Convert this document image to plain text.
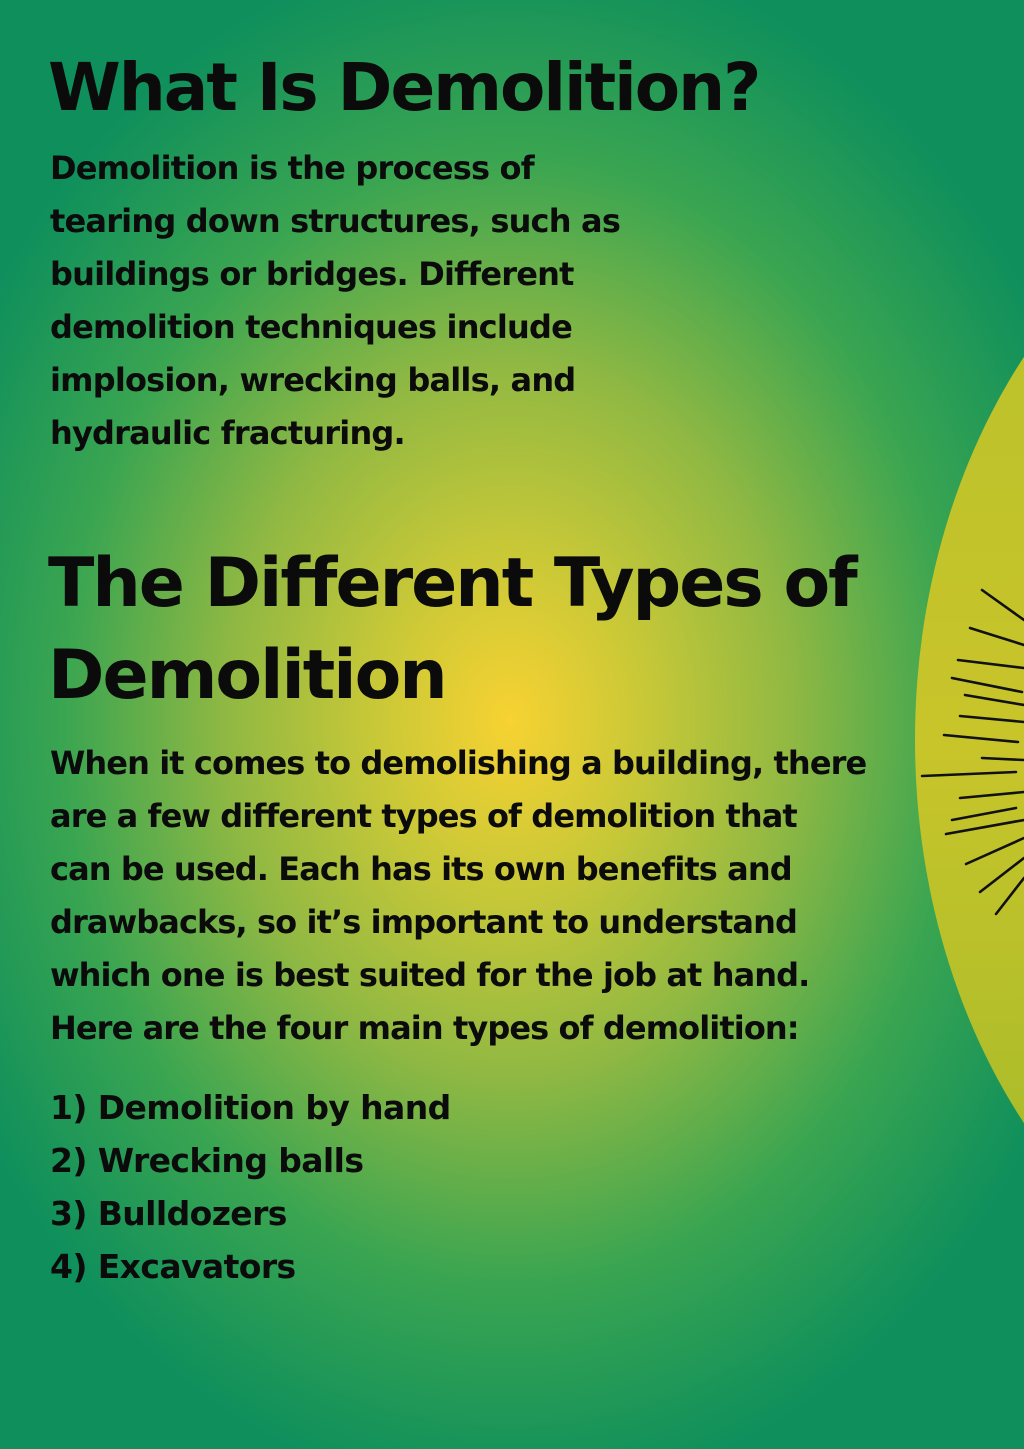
What Is Demolition?

Demolition is the process of
tearing down structures, such as
buildings or bridges. Different
demolition techniques include
implosion, wrecking balls, and
hydraulic fracturing.

The Different Types of
Demolition

When it comes to demolishing a building, there
are a few different types of demolition that
can be used. Each has its own benefits and
drawbacks, so it’s important to understand
which one is best suited for the job at hand.
Here are the four main types of demolition:

1) Demolition by hand
2) Wrecking balls
3) Bulldozers
4) Excavators
